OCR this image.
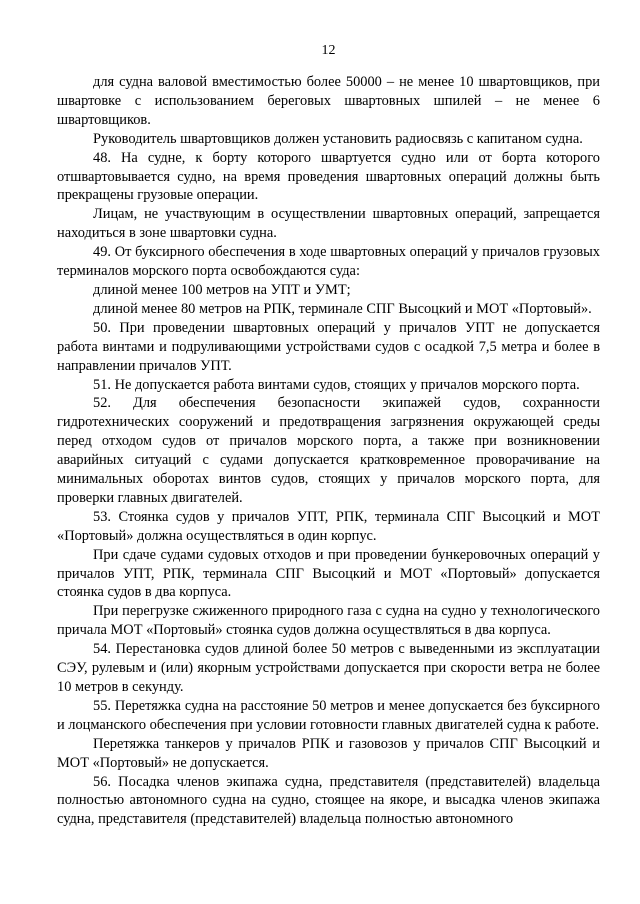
12

для судна валовой вместимостью более 50000 – не менее 10 швартовщиков, при швартовке с использованием береговых швартовных шпилей – не менее 6 швартовщиков.

Руководитель швартовщиков должен установить радиосвязь с капитаном судна.

48. На судне, к борту которого швартуется судно или от борта которого отшвартовывается судно, на время проведения швартовных операций должны быть прекращены грузовые операции.

Лицам, не участвующим в осуществлении швартовных операций, запрещается находиться в зоне швартовки судна.

49. От буксирного обеспечения в ходе швартовных операций у причалов грузовых терминалов морского порта освобождаются суда:

длиной менее 100 метров на УПТ и УМТ;

длиной менее 80 метров на РПК, терминале СПГ Высоцкий и МОТ «Портовый».

50. При проведении швартовных операций у причалов УПТ не допускается работа винтами и подруливающими устройствами судов с осадкой 7,5 метра и более в направлении причалов УПТ.

51. Не допускается работа винтами судов, стоящих у причалов морского порта.

52. Для обеспечения безопасности экипажей судов, сохранности гидротехнических сооружений и предотвращения загрязнения окружающей среды перед отходом судов от причалов морского порта, а также при возникновении аварийных ситуаций с судами допускается кратковременное проворачивание на минимальных оборотах винтов судов, стоящих у причалов морского порта, для проверки главных двигателей.

53. Стоянка судов у причалов УПТ, РПК, терминала СПГ Высоцкий и МОТ «Портовый» должна осуществляться в один корпус.

При сдаче судами судовых отходов и при проведении бункеровочных операций у причалов УПТ, РПК, терминала СПГ Высоцкий и МОТ «Портовый» допускается стоянка судов в два корпуса.

При перегрузке сжиженного природного газа с судна на судно у технологического причала МОТ «Портовый» стоянка судов должна осуществляться в два корпуса.

54. Перестановка судов длиной более 50 метров с выведенными из эксплуатации СЭУ, рулевым и (или) якорным устройствами допускается при скорости ветра не более 10 метров в секунду.

55. Перетяжка судна на расстояние 50 метров и менее допускается без буксирного и лоцманского обеспечения при условии готовности главных двигателей судна к работе.

Перетяжка танкеров у причалов РПК и газовозов у причалов СПГ Высоцкий и МОТ «Портовый» не допускается.

56. Посадка членов экипажа судна, представителя (представителей) владельца полностью автономного судна на судно, стоящее на якоре, и высадка членов экипажа судна, представителя (представителей) владельца полностью автономного
